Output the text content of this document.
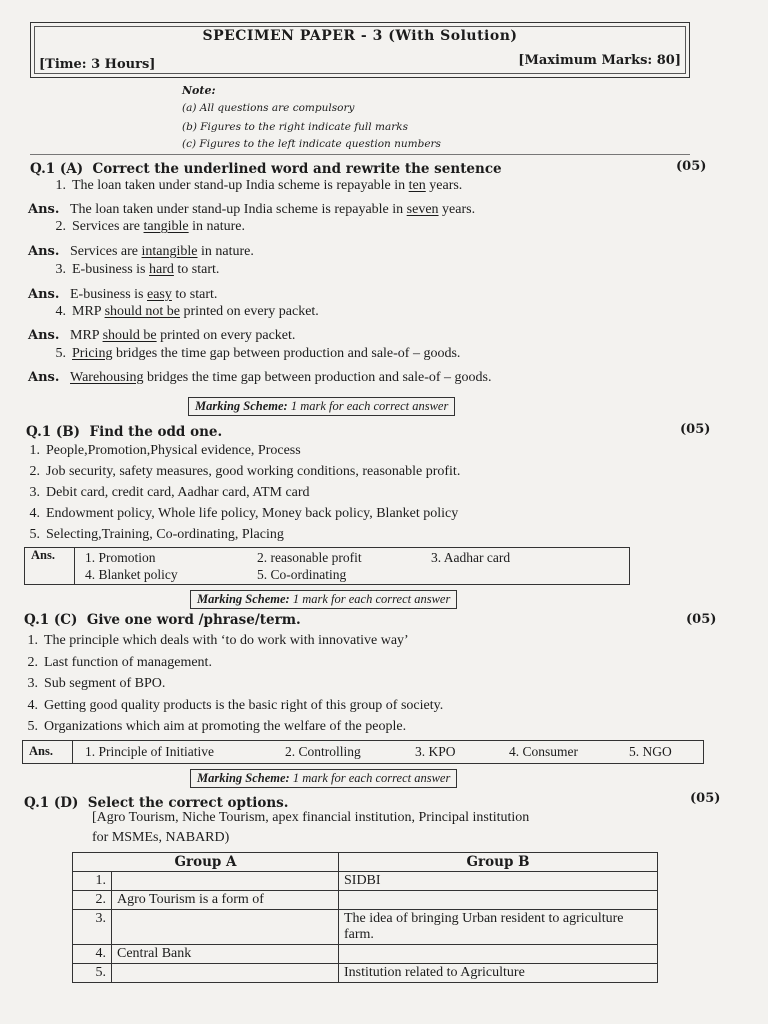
SPECIMEN PAPER - 3 (With Solution)
[Time: 3 Hours]	[Maximum Marks: 80]
Note:
(a) All questions are compulsory
(b) Figures to the right indicate full marks
(c) Figures to the left indicate question numbers
Q.1 (A) Correct the underlined word and rewrite the sentence	(05)
1. The loan taken under stand-up India scheme is repayable in ten years.
Ans. The loan taken under stand-up India scheme is repayable in seven years.
2. Services are tangible in nature.
Ans. Services are intangible in nature.
3. E-business is hard to start.
Ans. E-business is easy to start.
4. MRP should not be printed on every packet.
Ans. MRP should be printed on every packet.
5. Pricing bridges the time gap between production and sale-of – goods.
Ans. Warehousing bridges the time gap between production and sale-of – goods.
Marking Scheme: 1 mark for each correct answer
Q.1 (B) Find the odd one.	(05)
1. People,Promotion,Physical evidence, Process
2. Job security, safety measures, good working conditions, reasonable profit.
3. Debit card, credit card, Aadhar card, ATM card
4. Endowment policy, Whole life policy, Money back policy, Blanket policy
5. Selecting,Training, Co-ordinating, Placing
Ans.	1. Promotion	2. reasonable profit	3. Aadhar card
4. Blanket policy	5. Co-ordinating
Marking Scheme: 1 mark for each correct answer
Q.1 (C) Give one word /phrase/term.	(05)
1. The principle which deals with ‘to do work with innovative way’
2. Last function of management.
3. Sub segment of BPO.
4. Getting good quality products is the basic right of this group of society.
5. Organizations which aim at promoting the welfare of the people.
Ans.	1. Principle of Initiative	2. Controlling	3. KPO	4. Consumer	5. NGO
Marking Scheme: 1 mark for each correct answer
Q.1 (D) Select the correct options.	(05)
[Agro Tourism, Niche Tourism, apex financial institution, Principal institution
for MSMEs, NABARD)
Group A		Group B
1.		SIDBI
2.	Agro Tourism is a form of	
3.		The idea of bringing Urban resident to agriculture farm.
4.	Central Bank	
5.		Institution related to Agriculture
